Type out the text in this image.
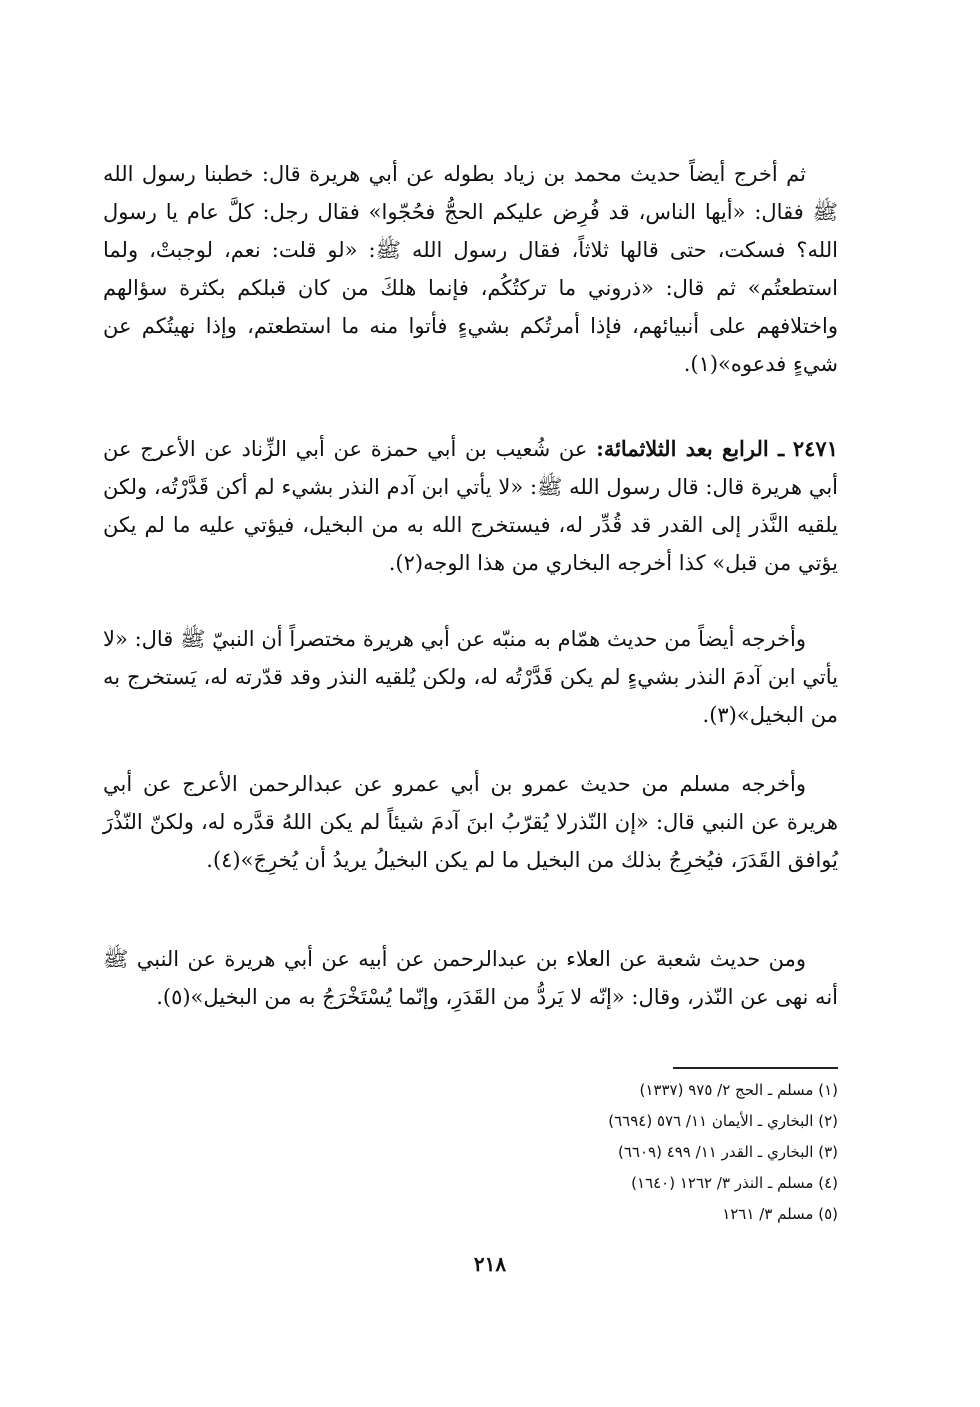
ثم أخرج أيضاً حديث محمد بن زياد بطوله عن أبي هريرة قال: خطبنا رسول الله ﷺ فقال: «أيها الناس، قد فُرِض عليكم الحجُّ فحُجّوا» فقال رجل: كلَّ عام يا رسول الله؟ فسكت، حتى قالها ثلاثاً، فقال رسول الله ﷺ: «لو قلت: نعم، لوجبتْ، ولما استطعتُم» ثم قال: «ذروني ما تركتُكُم، فإنما هلكَ من كان قبلكم بكثرة سؤالهم واختلافهم على أنبيائهم، فإذا أمرتُكم بشيءٍ فأتوا منه ما استطعتم، وإذا نهيتُكم عن شيءٍ فدعوه»(١).

٢٤٧١ ـ الرابع بعد الثلاثمائة: عن شُعيب بن أبي حمزة عن أبي الزِّناد عن الأعرج عن أبي هريرة قال: قال رسول الله ﷺ: «لا يأتي ابن آدم النذر بشيء لم أكن قَدَّرْتُه، ولكن يلقيه النَّذر إلى القدر قد قُدِّر له، فيستخرج الله به من البخيل، فيؤتي عليه ما لم يكن يؤتي من قبل» كذا أخرجه البخاري من هذا الوجه(٢).

وأخرجه أيضاً من حديث همّام به منبّه عن أبي هريرة مختصراً أن النبيّ ﷺ قال: «لا يأتي ابن آدمَ النذر بشيءٍ لم يكن قَدَّرْتُه له، ولكن يُلقيه النذر وقد قدّرته له، يَستخرج به من البخيل»(٣).

وأخرجه مسلم من حديث عمرو بن أبي عمرو عن عبدالرحمن الأعرج عن أبي هريرة عن النبي قال: «إن النّذرلا يُقرّبُ ابنَ آدمَ شيئاً لم يكن اللهُ قدَّره له، ولكنّ النّذْرَ يُوافق القَدَرَ، فيُخرِجُ بذلك من البخيل ما لم يكن البخيلُ يريدُ أن يُخرِجَ»(٤).

ومن حديث شعبة عن العلاء بن عبدالرحمن عن أبيه عن أبي هريرة عن النبي ﷺ أنه نهى عن النّذر، وقال: «إنّه لا يَردُّ من القَدَرِ، وإنّما يُسْتَخْرَجُ به من البخيل»(٥).

(١) مسلم ـ الحج ٢/ ٩٧٥ (١٣٣٧)
(٢) البخاري ـ الأيمان ١١/ ٥٧٦ (٦٦٩٤)
(٣) البخاري ـ القدر ١١/ ٤٩٩ (٦٦٠٩)
(٤) مسلم ـ النذر ٣/ ١٢٦٢ (١٦٤٠)
(٥) مسلم ٣/ ١٢٦١
٢١٨
